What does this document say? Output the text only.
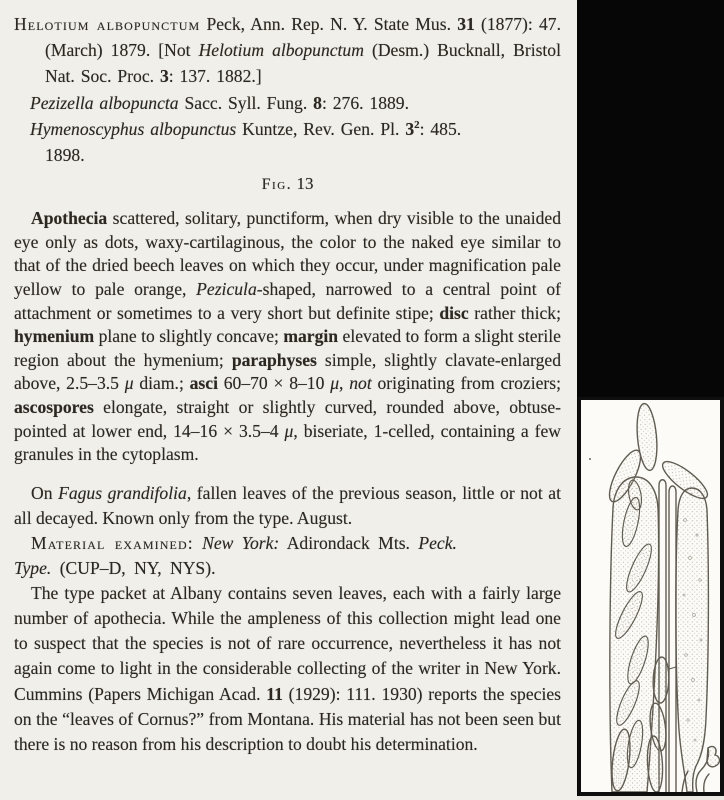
Helotium albopunctum Peck, Ann. Rep. N. Y. State Mus. 31 (1877): 47. (March) 1879. [Not Helotium albopunctum (Desm.) Bucknall, Bristol Nat. Soc. Proc. 3: 137. 1882.]

Pezizella albopuncta Sacc. Syll. Fung. 8: 276. 1889.

Hymenoscyphus albopunctus Kuntze, Rev. Gen. Pl. $3^2$: 485.
1898.

Fig. 13

Apothecia scattered, solitary, punctiform, when dry visible to the unaided eye only as dots, waxy-cartilaginous, the color to the naked eye similar to that of the dried beech leaves on which they occur, under magnification pale yellow to pale orange, Pezicula-shaped, narrowed to a central point of attachment or sometimes to a very short but definite stipe; disc rather thick; hymenium plane to slightly concave; margin elevated to form a slight sterile region about the hymenium; paraphyses simple, slightly clavate-enlarged above, 2.5–3.5 μ diam.; asci 60–70 × 8–10 μ, not originating from croziers; ascospores elongate, straight or slightly curved, rounded above, obtuse-pointed at lower end, 14–16 × 3.5–4 μ, biseriate, 1-celled, containing a few granules in the cytoplasm.

On Fagus grandifolia, fallen leaves of the previous season, little or not at all decayed. Known only from the type. August.

Material examined: New York: Adirondack Mts. Peck.
Type. (CUP–D, NY, NYS).

The type packet at Albany contains seven leaves, each with a fairly large number of apothecia. While the ampleness of this collection might lead one to suspect that the species is not of rare occurrence, nevertheless it has not again come to light in the considerable collecting of the writer in New York. Cummins (Papers Michigan Acad. 11 (1929): 111. 1930) reports the species on the “leaves of Cornus?” from Montana. His material has not been seen but there is no reason from his description to doubt his determination.
